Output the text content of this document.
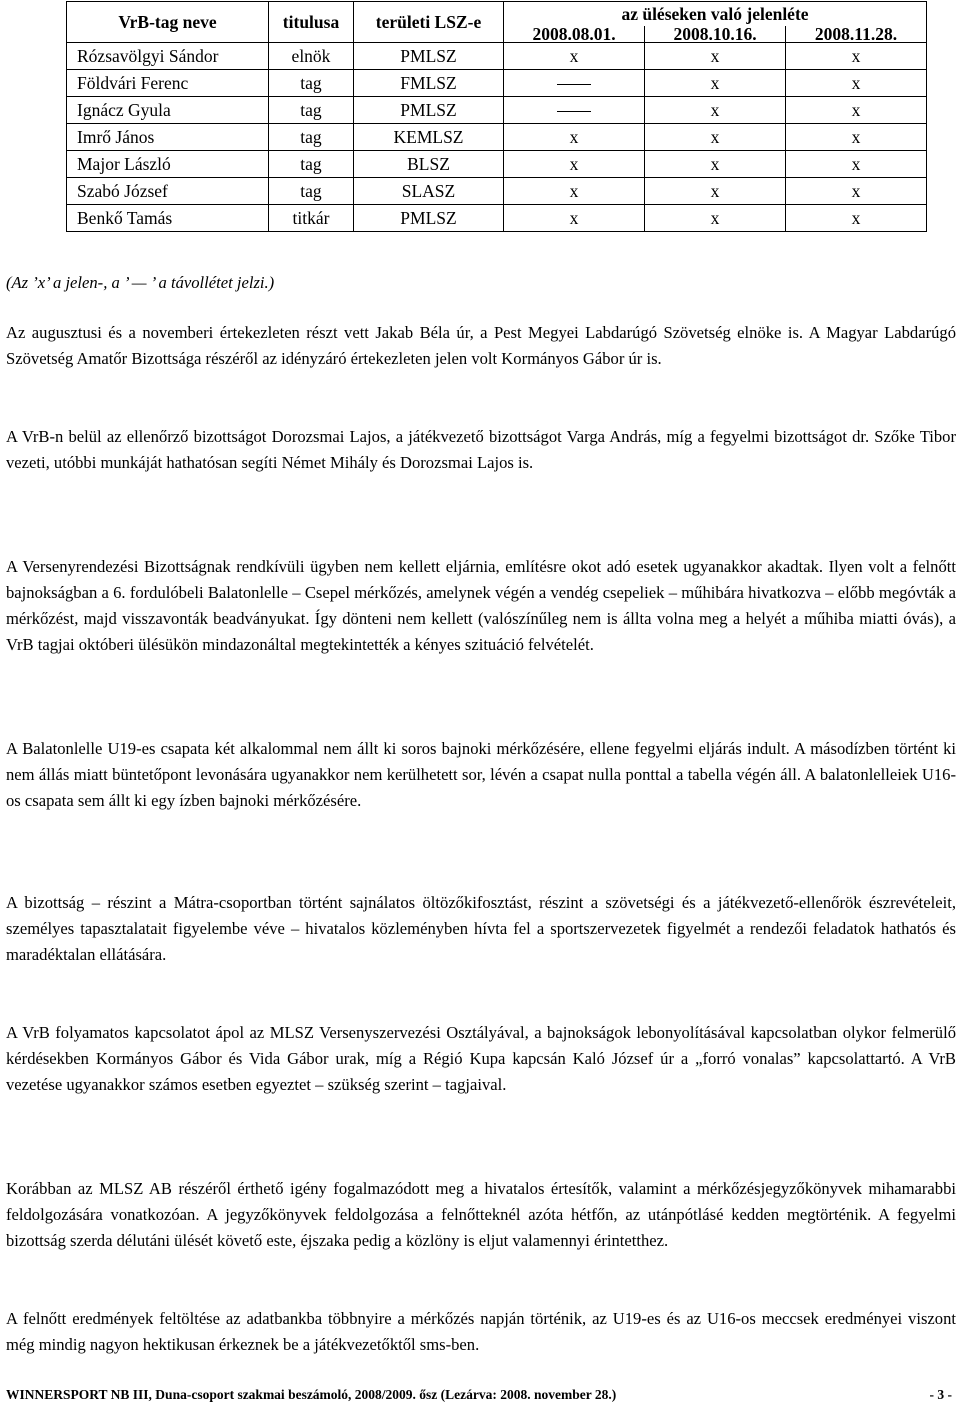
VrB-tag neve	titulusa	területi LSZ-e	az üléseken való jelenléte		
			2008.08.01.	2008.10.16.	2008.11.28.
Rózsavölgyi Sándor	elnök	PMLSZ	x	x	x
Földvári Ferenc	tag	FMLSZ		x	x
Ignácz Gyula	tag	PMLSZ		x	x
Imrő János	tag	KEMLSZ	x	x	x
Major László	tag	BLSZ	x	x	x
Szabó József	tag	SLASZ	x	x	x
Benkő Tamás	titkár	PMLSZ	x	x	x

(Az ’x’ a jelen-, a ’ — ’ a távollétet jelzi.)

Az augusztusi és a novemberi értekezleten részt vett Jakab Béla úr, a Pest Megyei Labdarúgó Szövetség elnöke is. A Magyar Labdarúgó Szövetség Amatőr Bizottsága részéről az idényzáró értekezleten jelen volt Kormányos Gábor úr is.

A VrB-n belül az ellenőrző bizottságot Dorozsmai Lajos, a játékvezető bizottságot Varga András, míg a fegyelmi bizottságot dr. Szőke Tibor vezeti, utóbbi munkáját hathatósan segíti Német Mihály és Dorozsmai Lajos is.

A Versenyrendezési Bizottságnak rendkívüli ügyben nem kellett eljárnia, említésre okot adó esetek ugyanakkor akadtak. Ilyen volt a felnőtt bajnokságban a 6. fordulóbeli Balatonlelle – Csepel mérkőzés, amelynek végén a vendég csepeliek – műhibára hivatkozva – előbb megóvták a mérkőzést, majd visszavonták beadványukat. Így dönteni nem kellett (valószínűleg nem is állta volna meg a helyét a műhiba miatti óvás), a VrB tagjai októberi ülésükön mindazonáltal megtekintették a kényes szituáció felvételét.

A Balatonlelle U19-es csapata két alkalommal nem állt ki soros bajnoki mérkőzésére, ellene fegyelmi eljárás indult. A másodízben történt ki nem állás miatt büntetőpont levonására ugyanakkor nem kerülhetett sor, lévén a csapat nulla ponttal a tabella végén áll. A balatonlelleiek U16-os csapata sem állt ki egy ízben bajnoki mérkőzésére.

A bizottság – részint a Mátra-csoportban történt sajnálatos öltözőkifosztást, részint a szövetségi és a játékvezető-ellenőrök észrevételeit, személyes tapasztalatait figyelembe véve – hivatalos közleményben hívta fel a sportszervezetek figyelmét a rendezői feladatok hathatós és maradéktalan ellátására.

A VrB folyamatos kapcsolatot ápol az MLSZ Versenyszervezési Osztályával, a bajnokságok lebonyolításával kapcsolatban olykor felmerülő kérdésekben Kormányos Gábor és Vida Gábor urak, míg a Régió Kupa kapcsán Kaló József úr a „forró vonalas” kapcsolattartó. A VrB vezetése ugyanakkor számos esetben egyeztet – szükség szerint – tagjaival.

Korábban az MLSZ AB részéről érthető igény fogalmazódott meg a hivatalos értesítők, valamint a mérkőzésjegyzőkönyvek mihamarabbi feldolgozására vonatkozóan. A jegyzőkönyvek feldolgozása a felnőtteknél azóta hétfőn, az utánpótlásé kedden megtörténik. A fegyelmi bizottság szerda délutáni ülését követő este, éjszaka pedig a közlöny is eljut valamennyi érintetthez.

A felnőtt eredmények feltöltése az adatbankba többnyire a mérkőzés napján történik, az U19-es és az U16-os meccsek eredményei viszont még mindig nagyon hektikusan érkeznek be a játékvezetőktől sms-ben.

WINNERSPORT NB III, Duna-csoport szakmai beszámoló, 2008/2009. ősz (Lezárva: 2008. november 28.)	- 3 -
